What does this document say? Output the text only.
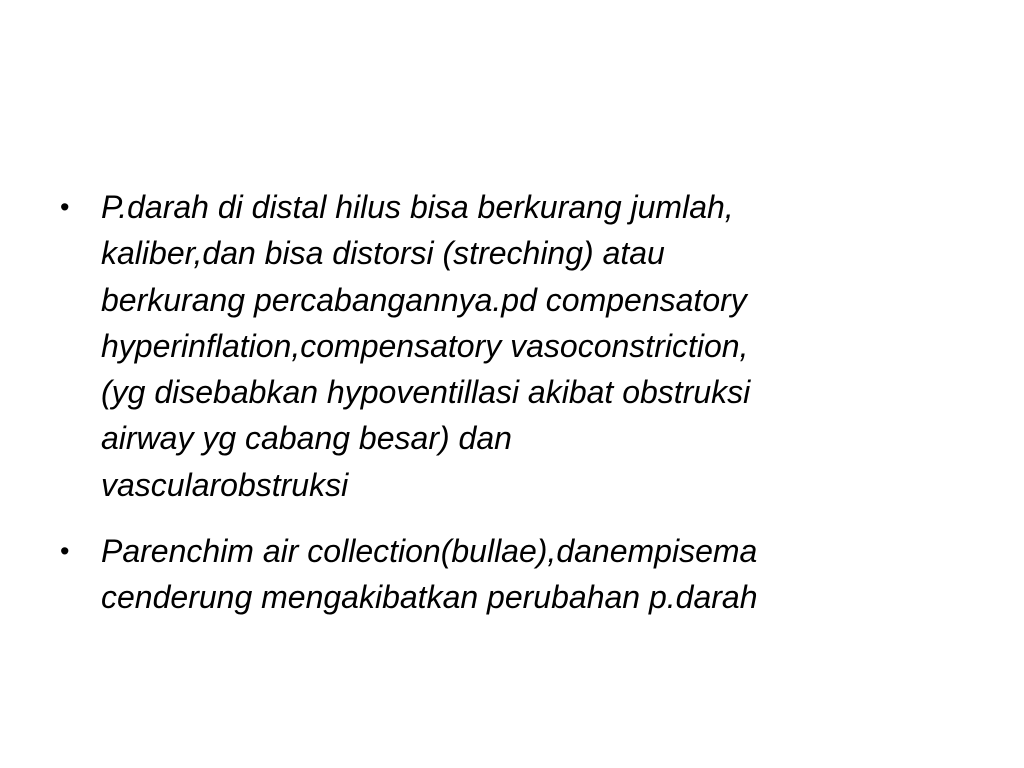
• P.darah di distal hilus bisa berkurang jumlah,
kaliber,dan bisa distorsi (streching) atau
berkurang percabangannya.pd compensatory
hyperinflation,compensatory vasoconstriction,
(yg disebabkan hypoventillasi akibat obstruksi
airway yg cabang besar) dan
vascularobstruksi
• Parenchim air collection(bullae),danempisema
cenderung mengakibatkan perubahan p.darah
